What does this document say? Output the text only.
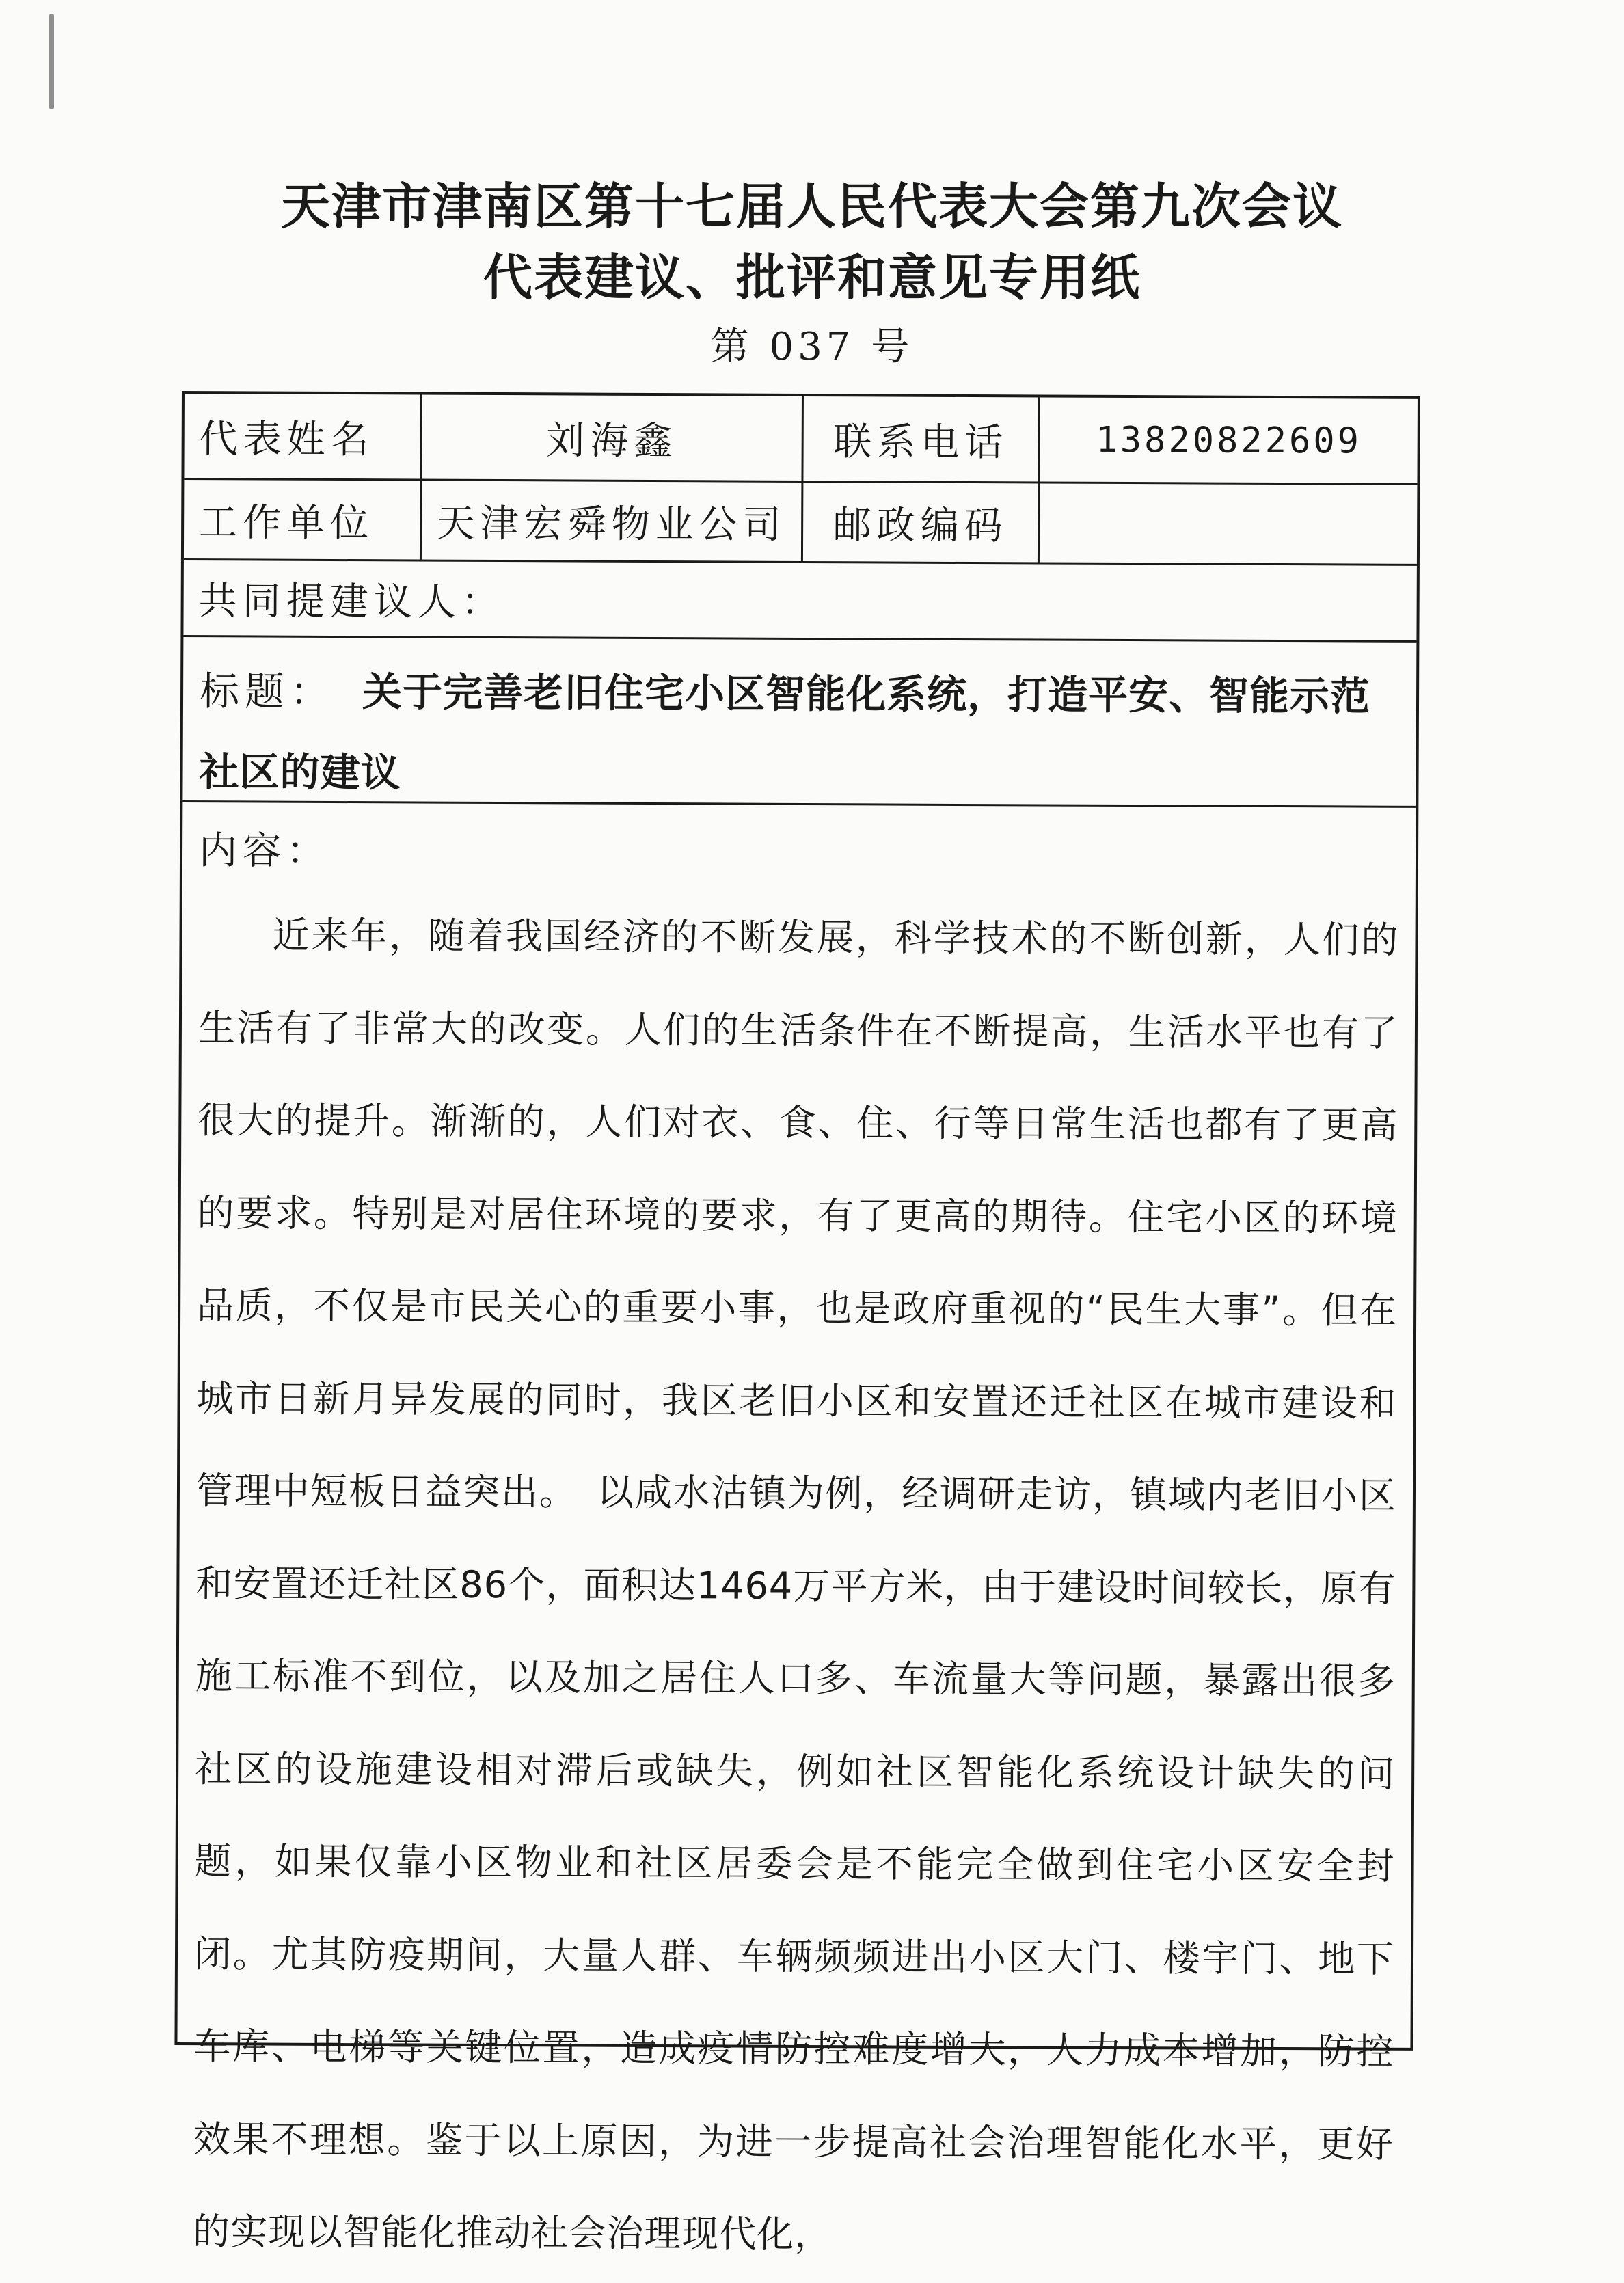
天津市津南区第十七届人民代表大会第九次会议
代表建议、批评和意见专用纸
第 037 号
代表姓名	刘海鑫	联系电话 13820822609
工作单位 天津宏舜物业公司 邮政编码
共同提建议人：
标题： 关于完善老旧住宅小区智能化系统，打造平安、智能示范社区的建议
内容：

近来年，随着我国经济的不断发展，科学技术的不断创新，人们的生活有了非常大的改变。人们的生活条件在不断提高，生活水平也有了很大的提升。渐渐的，人们对衣、食、住、行等日常生活也都有了更高的要求。特别是对居住环境的要求，有了更高的期待。住宅小区的环境品质，不仅是市民关心的重要小事，也是政府重视的“民生大事”。但在城市日新月异发展的同时，我区老旧小区和安置还迁社区在城市建设和管理中短板日益突出。　以咸水沽镇为例，经调研走访，镇域内老旧小区和安置还迁社区86个，面积达1464万平方米，由于建设时间较长，原有施工标准不到位，以及加之居住人口多、车流量大等问题，暴露出很多社区的设施建设相对滞后或缺失，例如社区智能化系统设计缺失的问题，如果仅靠小区物业和社区居委会是不能完全做到住宅小区安全封闭。尤其防疫期间，大量人群、车辆频频进出小区大门、楼宇门、地下车库、电梯等关键位置，造成疫情防控难度增大，人力成本增加，防控效果不理想。鉴于以上原因，为进一步提高社会治理智能化水平，更好的实现以智能化推动社会治理现代化，
